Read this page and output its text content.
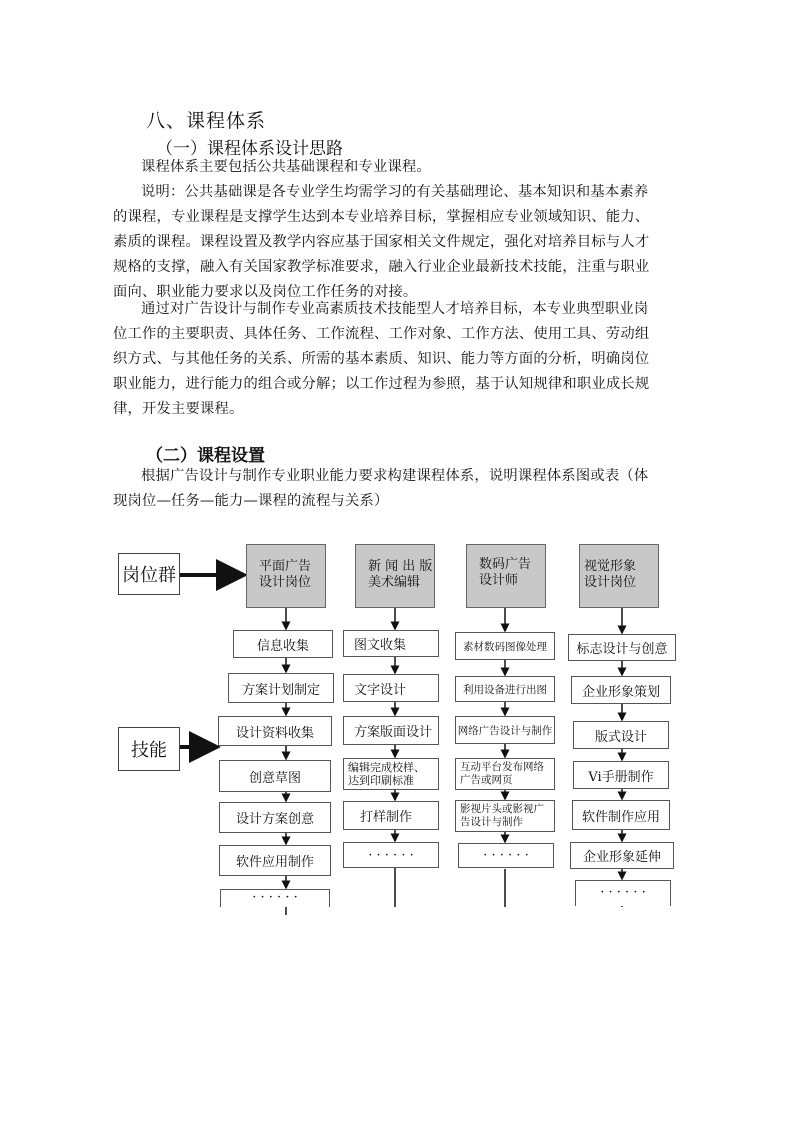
八、课程体系
（一）课程体系设计思路
课程体系主要包括公共基础课程和专业课程。
说明：公共基础课是各专业学生均需学习的有关基础理论、基本知识和基本素养
的课程，专业课程是支撑学生达到本专业培养目标，掌握相应专业领域知识、能力、
素质的课程。课程设置及教学内容应基于国家相关文件规定，强化对培养目标与人才
规格的支撑，融入有关国家教学标准要求，融入行业企业最新技术技能，注重与职业
面向、职业能力要求以及岗位工作任务的对接。
通过对广告设计与制作专业高素质技术技能型人才培养目标，本专业典型职业岗
位工作的主要职责、具体任务、工作流程、工作对象、工作方法、使用工具、劳动组
织方式、与其他任务的关系、所需的基本素质、知识、能力等方面的分析，明确岗位
职业能力，进行能力的组合或分解；以工作过程为参照，基于认知规律和职业成长规
律，开发主要课程。
（二）课程设置
根据广告设计与制作专业职业能力要求构建课程体系，说明课程体系图或表（体
现岗位—任务—能力—课程的流程与关系）
岗位群
技能
平面广告
设计岗位
新 闻 出 版
美术编辑
数码广告
设计师
视觉形象
设计岗位
信息收集
方案计划制定
设计资料收集
创意草图
设计方案创意
软件应用制作
· · · · · ·
图文收集
文字设计
方案版面设计
编辑完成校样、达到印刷标准
打样制作
· · · · · ·
素材数码图像处理
利用设备进行出图
网络广告设计与制作
互动平台发布网络广告或网页
影视片头或影视广告设计与制作
· · · · · ·
标志设计与创意
企业形象策划
版式设计
Vi手册制作
软件制作应用
企业形象延伸
· · · · · ·
